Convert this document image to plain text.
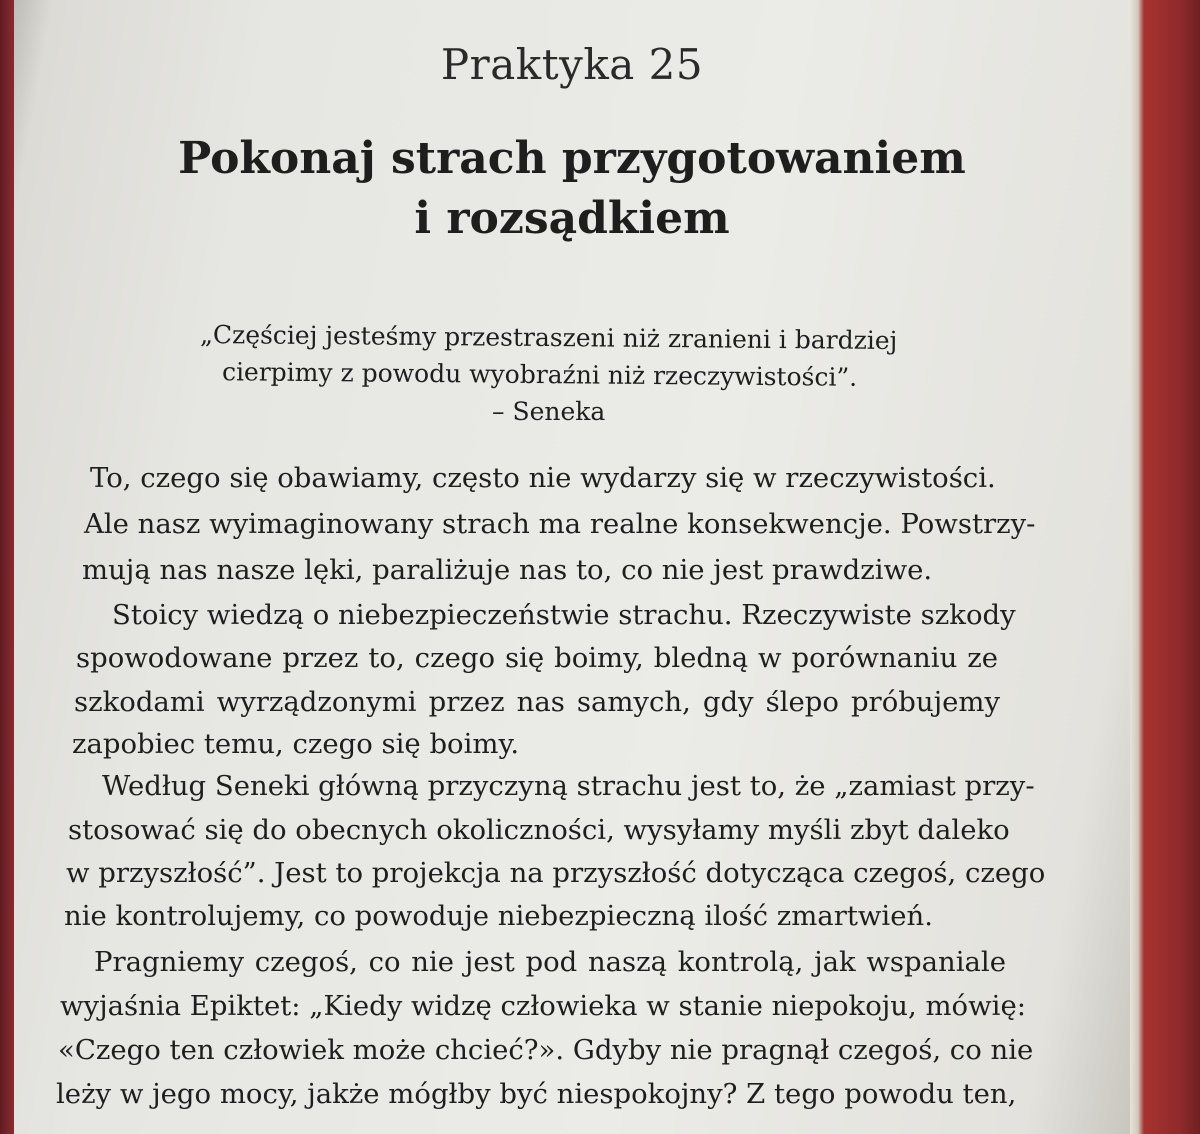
Praktyka 25
Pokonaj strach przygotowaniem
i rozsądkiem

„Częściej jesteśmy przestraszeni niż zranieni i bardziej

cierpimy z powodu wyobraźni niż rzeczywistości”.

– Seneka

To, czego się obawiamy, często nie wydarzy się w rzeczywistości.

Ale nasz wyimaginowany strach ma realne konsekwencje. Powstrzy-

mują nas nasze lęki, paraliżuje nas to, co nie jest prawdziwe.

Stoicy wiedzą o niebezpieczeństwie strachu. Rzeczywiste szkody

spowodowane przez to, czego się boimy, bledną w porównaniu ze

szkodami wyrządzonymi przez nas samych, gdy ślepo próbujemy

zapobiec temu, czego się boimy.

Według Seneki główną przyczyną strachu jest to, że „zamiast przy-

stosować się do obecnych okoliczności, wysyłamy myśli zbyt daleko

w przyszłość”. Jest to projekcja na przyszłość dotycząca czegoś, czego

nie kontrolujemy, co powoduje niebezpieczną ilość zmartwień.

Pragniemy czegoś, co nie jest pod naszą kontrolą, jak wspaniale

wyjaśnia Epiktet: „Kiedy widzę człowieka w stanie niepokoju, mówię:

«Czego ten człowiek może chcieć?». Gdyby nie pragnął czegoś, co nie

leży w jego mocy, jakże mógłby być niespokojny? Z tego powodu ten,
